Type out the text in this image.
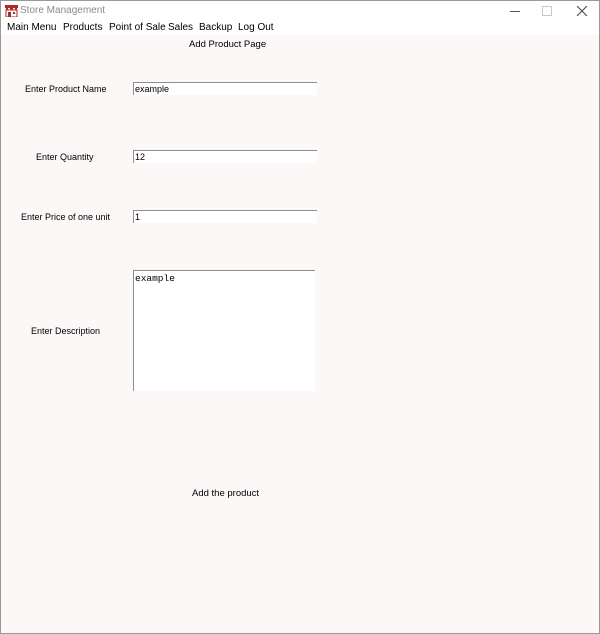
Store Management
Main Menu Products Point of Sale Sales Backup Log Out
Add Product Page
Enter Product Name
example
Enter Quantity
12
Enter Price of one unit
1
Enter Description
example
Add the product
